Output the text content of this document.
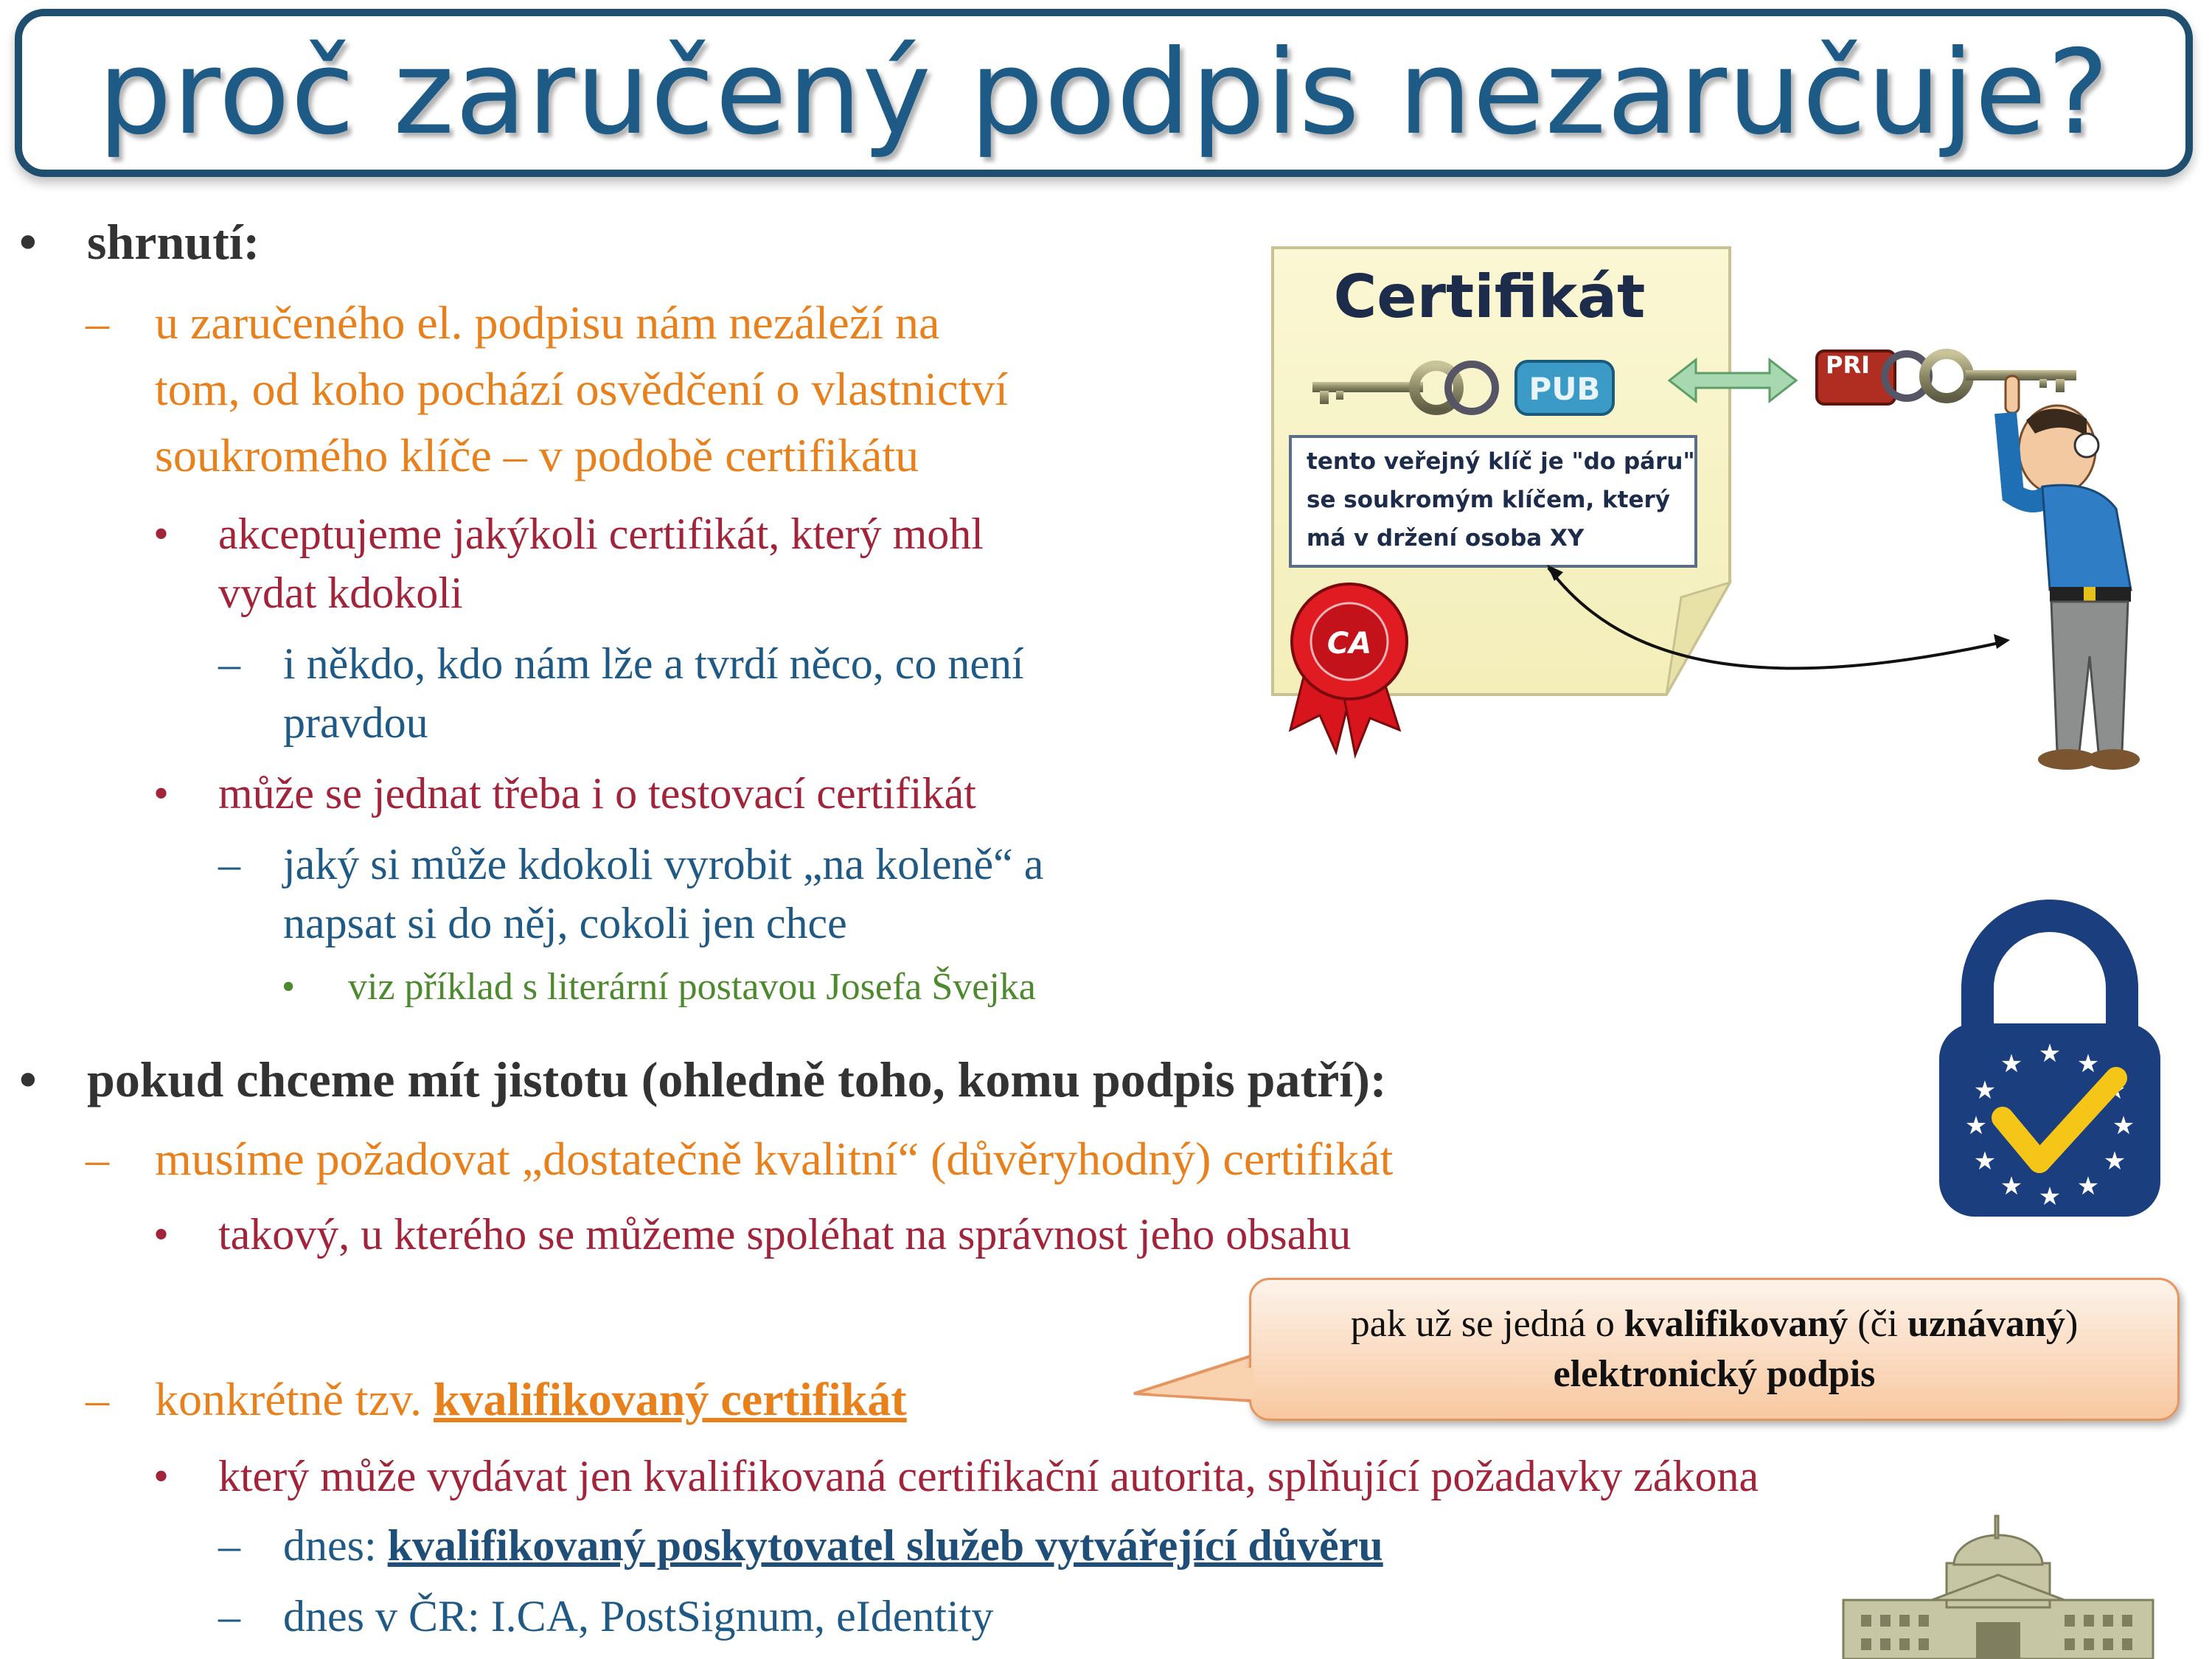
proč zaručený podpis nezaručuje?
• shrnutí:
– u zaručeného el. podpisu nám nezáleží na
tom, od koho pochází osvědčení o vlastnictví
soukromého klíče – v podobě certifikátu
• akceptujeme jakýkoli certifikát, který mohl
vydat kdokoli
– i někdo, kdo nám lže a tvrdí něco, co není
pravdou
• může se jednat třeba i o testovací certifikát
– jaký si může kdokoli vyrobit „na koleně“ a
napsat si do něj, cokoli jen chce
• viz příklad s literární postavou Josefa Švejka
• pokud chceme mít jistotu (ohledně toho, komu podpis patří):
– musíme požadovat „dostatečně kvalitní“ (důvěryhodný) certifikát
• takový, u kterého se můžeme spoléhat na správnost jeho obsahu
– konkrétně tzv. kvalifikovaný certifikát
• který může vydávat jen kvalifikovaná certifikační autorita, splňující požadavky zákona
– dnes: kvalifikovaný poskytovatel služeb vytvářející důvěru
– dnes v ČR: I.CA, PostSignum, eIdentity
pak už se jedná o kvalifikovaný (či uznávaný)
elektronický podpis
Certifikát
PUB
tento veřejný klíč je "do páru"
se soukromým klíčem, který
má v držení osoba XY
CA
PRI
★ ★
★
★
★
★
★
★
★
★
★
★
